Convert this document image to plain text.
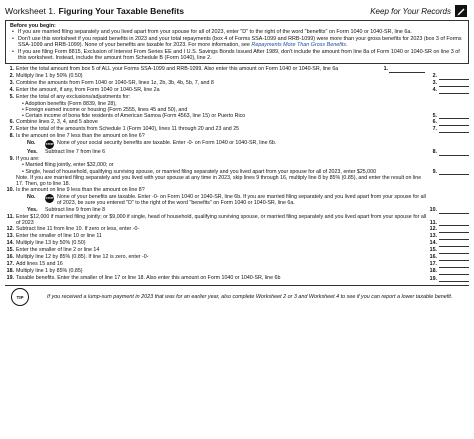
Worksheet 1. Figuring Your Taxable Benefits	Keep for Your Records
Before you begin:
• If you are married filing separately and you lived apart from your spouse for all of 2023, enter "D" to the right of the word "benefits" on Form 1040 or 1040-SR, line 6a.
• Don't use this worksheet if you repaid benefits in 2023 and your total repayments (box 4 of Forms SSA-1099 and RRB-1099) were more than your gross benefits for 2023 (box 3 of Forms SSA-1099 and RRB-1099). None of your benefits are taxable for 2023. For more information, see Repayments More Than Gross Benefits.
• If you are filing Form 8815, Exclusion of Interest From Series EE and I U.S. Savings Bonds Issued After 1989, don't include the amount from line 8a of Form 1040 or 1040-SR on line 3 of this worksheet. Instead, include the amount from Schedule B (Form 1040), line 2.
1. Enter the total amount from box 5 of ALL your Forms SSA-1099 and RRB-1099. Also enter this amount on Form 1040 or 1040-SR, line 6a	1.
2. Multiply line 1 by 50% (0.50)	2.
3. Combine the amounts from Form 1040 or 1040-SR, lines 1z, 2b, 3b, 4b, 5b, 7, and 8	3.
4. Enter the amount, if any, from Form 1040 or 1040-SR, line 2a	4.
5. Enter the total of any exclusions/adjustments for:
• Adoption benefits (Form 8839, line 28),
• Foreign earned income or housing (Form 2555, lines 45 and 50), and
• Certain income of bona fide residents of American Samoa (Form 4563, line 15) or Puerto Rico	5.
6. Combine lines 2, 3, 4, and 5 above	6.
7. Enter the total of the amounts from Schedule 1 (Form 1040), lines 11 through 20 and 23 and 25	7.
8. Is the amount on line 7 less than the amount on line 6?
No.	STOP None of your social security benefits are taxable. Enter -0- on Form 1040 or 1040-SR, line 6b.
Yes.	Subtract line 7 from line 6	8.
9. If you are:
• Married filing jointly, enter $32,000; or
• Single, head of household, qualifying surviving spouse, or married filing separately and you lived apart from your spouse for all of 2023, enter $25,000
Note. If you are married filing separately and you lived with your spouse at any time in 2023, skip lines 9 through 16, multiply line 8 by 85% (0.85), and enter the result on line 17. Then, go to line 18.
9.
10. Is the amount on line 9 less than the amount on line 8?
No.	STOP None of your benefits are taxable. Enter -0- on Form 1040 or 1040-SR, line 6b. If you are married filing separately and you lived apart from your spouse for all of 2023, be sure you entered "D" to the right of the word "benefits" on Form 1040 or 1040-SR, line 6a.
Yes.	Subtract line 9 from line 8	10.
11. Enter $12,000 if married filing jointly; or $9,000 if single, head of household, qualifying surviving spouse, or married filing separately and you lived apart from your spouse for all of 2023	11.
12. Subtract line 11 from line 10. If zero or less, enter -0-	12.
13. Enter the smaller of line 10 or line 11	13.
14. Multiply line 13 by 50% (0.50)	14.
15. Enter the smaller of line 2 or line 14	15.
16. Multiply line 12 by 85% (0.85). If line 12 is zero, enter -0-	16.
17. Add lines 15 and 16	17.
18. Multiply line 1 by 85% (0.85)	18.
19. Taxable benefits. Enter the smaller of line 17 or line 18. Also enter this amount on Form 1040 or 1040-SR, line 6b	19.
TIP	If you received a lump-sum payment in 2023 that was for an earlier year, also complete Worksheet 2 or 3 and Worksheet 4 to see if you can report a lower taxable benefit.
